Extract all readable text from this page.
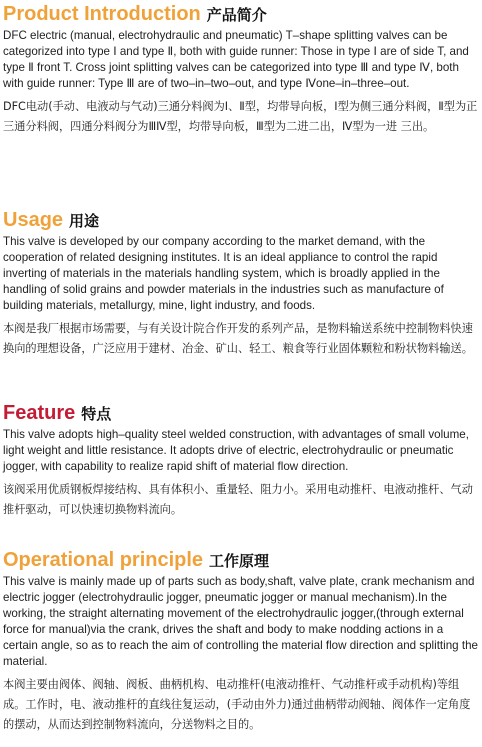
Product Introduction 产品简介

DFC electric (manual, electrohydraulic and pneumatic) T–shape splitting valves can be categorized into type Ⅰ and type Ⅱ, both with guide runner: Those in type Ⅰ are of side T, and type Ⅱ front T. Cross joint splitting valves can be categorized into type Ⅲ and type Ⅳ, both with guide runner: Type Ⅲ are of two–in–two–out, and type Ⅳone–in–three–out.

DFC电动(手动、电液动与气动)三通分料阀为Ⅰ、Ⅱ型，均带导向板，Ⅰ型为侧三通分料阀，Ⅱ型为正三通分料阀，四通分料阀分为ⅢⅣ型，均带导向板，Ⅲ型为二进二出，Ⅳ型为一进 三出。

Usage 用途

This valve is developed by our company according to the market demand, with the cooperation of related designing institutes. It is an ideal appliance to control the rapid inverting of materials in the materials handling system, which is broadly applied in the handling of solid grains and powder materials in the industries such as manufacture of building materials, metallurgy, mine, light industry, and foods.

本阀是我厂根据市场需要，与有关设计院合作开发的系列产品，是物料输送系统中控制物料快速换向的理想设备，广泛应用于建材、冶金、矿山、轻工、粮食等行业固体颗粒和粉状物料输送。

Feature 特点

This valve adopts high–quality steel welded construction, with advantages of small volume, light weight and little resistance. It adopts drive of electric, electrohydraulic or pneumatic jogger, with capability to realize rapid shift of material flow direction.

该阀采用优质钢板焊接结构、具有体积小、重量轻、阻力小。采用电动推杆、电液动推杆、气动推杆驱动，可以快速切换物料流向。

Operational principle 工作原理

This valve is mainly made up of parts such as body,shaft, valve plate, crank mechanism and electric jogger (electrohydraulic jogger, pneumatic jogger or manual mechanism).In the working, the straight alternating movement of the electrohydraulic jogger,(through external force for manual)via the crank, drives the shaft and body to make nodding actions in a certain angle, so as to reach the aim of controlling the material flow direction and splitting the material.

本阀主要由阀体、阀轴、阀板、曲柄机构、电动推杆(电液动推杆、气动推杆或手动机构)等组成。工作时，电、液动推杆的直线往复运动，(手动由外力)通过曲柄带动阀轴、阀体作一定角度的摆动，从而达到控制物料流向，分送物料之目的。
